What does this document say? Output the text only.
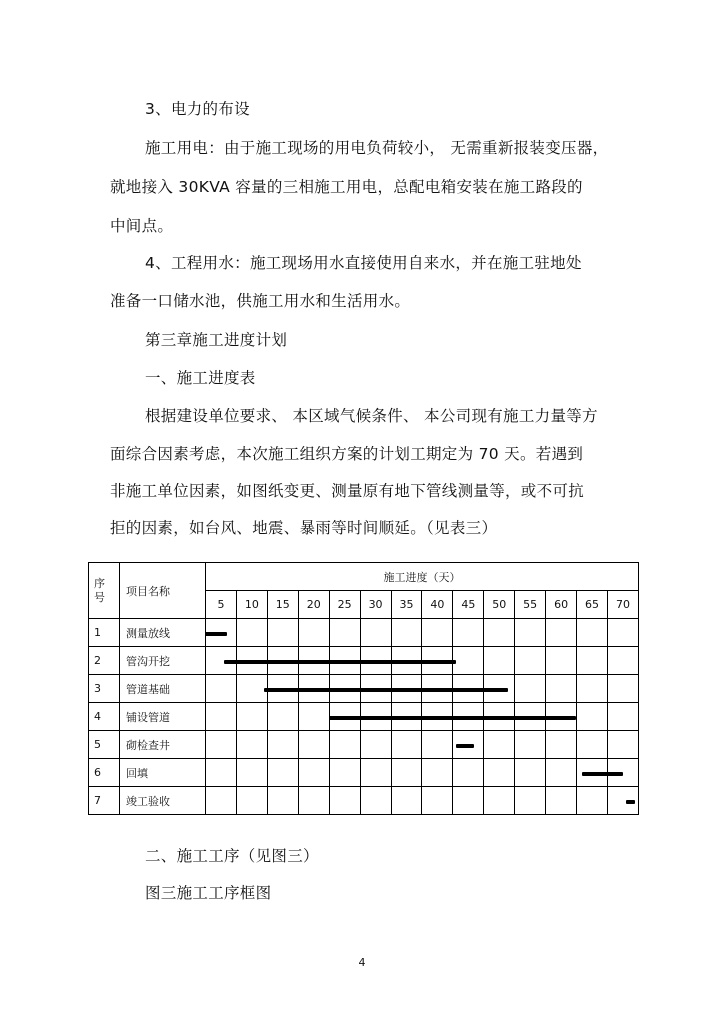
3、电力的布设
施工用电：由于施工现场的用电负荷较小， 无需重新报装变压器，
就地接入 30KVA 容量的三相施工用电，总配电箱安装在施工路段的
中间点。
4、工程用水：施工现场用水直接使用自来水，并在施工驻地处
准备一口储水池，供施工用水和生活用水。
第三章施工进度计划
一、施工进度表
根据建设单位要求、 本区域气候条件、 本公司现有施工力量等方
面综合因素考虑，本次施工组织方案的计划工期定为 70 天。若遇到
非施工单位因素，如图纸变更、测量原有地下管线测量等，或不可抗
拒的因素，如台风、地震、暴雨等时间顺延。（见表三）
序号	项目名称	施工进度（天）													
		5	10	15	20	25	30	35	40	45	50	55	60	65	70
1	测量放线														
2	管沟开挖														
3	管道基础														
4	铺设管道														
5	砌检查井														
6	回填														
7	竣工验收														
二、施工工序（见图三）
图三施工工序框图
4
